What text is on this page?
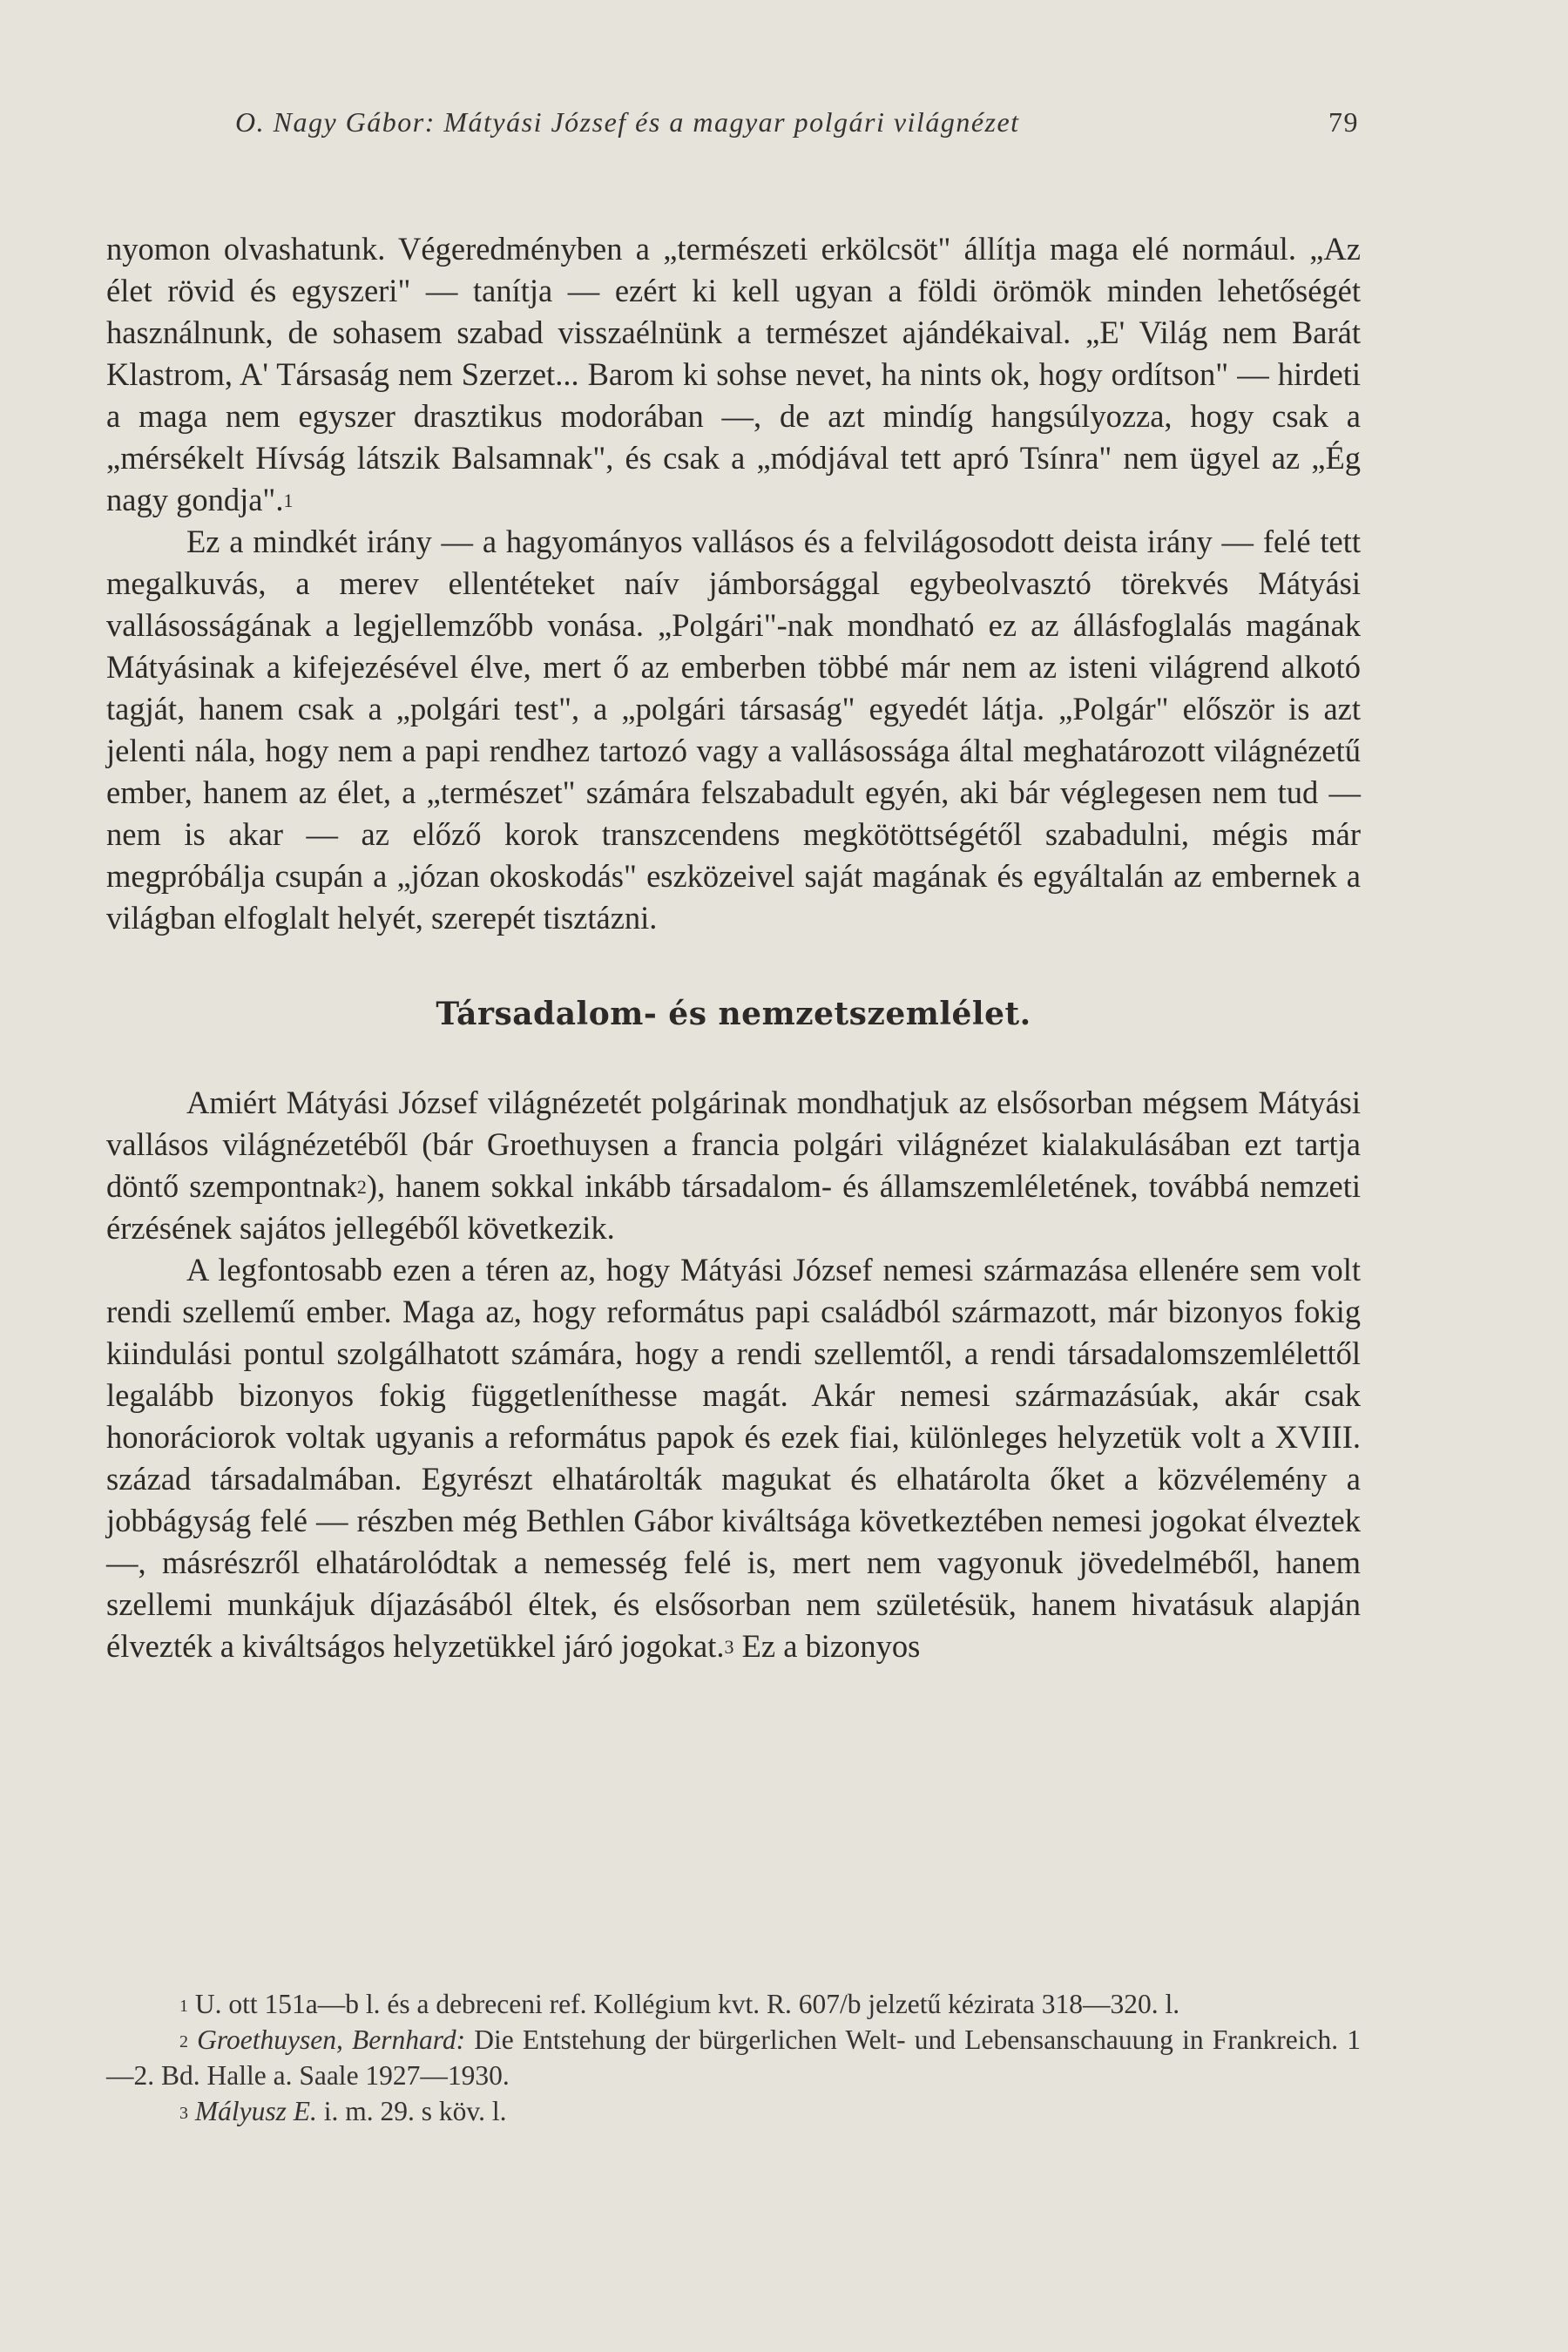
O. Nagy Gábor: Mátyási József és a magyar polgári világnézet	79

nyomon olvashatunk. Végeredményben a „természeti erkölcsöt" állítja maga elé normául. „Az élet rövid és egyszeri" — tanítja — ezért ki kell ugyan a földi örömök minden lehetőségét használnunk, de sohasem szabad visszaélnünk a természet ajándékaival. „E' Világ nem Barát Klastrom, A' Társaság nem Szerzet... Barom ki sohse nevet, ha nints ok, hogy ordítson" — hirdeti a maga nem egyszer drasztikus modorában —, de azt mindíg hangsúlyozza, hogy csak a „mérsékelt Hívság látszik Balsamnak", és csak a „módjával tett apró Tsínra" nem ügyel az „Ég nagy gondja".$^1$

Ez a mindkét irány — a hagyományos vallásos és a felvilágosodott deista irány — felé tett megalkuvás, a merev ellentéteket naív jámborsággal egybeolvasztó törekvés Mátyási vallásosságának a legjellemzőbb vonása. „Polgári"-nak mondható ez az állásfoglalás magának Mátyásinak a kifejezésével élve, mert ő az emberben többé már nem az isteni világrend alkotó tagját, hanem csak a „polgári test", a „polgári társaság" egyedét látja. „Polgár" először is azt jelenti nála, hogy nem a papi rendhez tartozó vagy a vallásossága által meghatározott világnézetű ember, hanem az élet, a „természet" számára felszabadult egyén, aki bár véglegesen nem tud — nem is akar — az előző korok transzcendens megkötöttségétől szabadulni, mégis már megpróbálja csupán a „józan okoskodás" eszközeivel saját magának és egyáltalán az embernek a világban elfoglalt helyét, szerepét tisztázni.

Társadalom- és nemzetszemlélet.

Amiért Mátyási József világnézetét polgárinak mondhatjuk az elsősorban mégsem Mátyási vallásos világnézetéből (bár Groethuysen a francia polgári világnézet kialakulásában ezt tartja döntő szempontnak$^2$), hanem sokkal inkább társadalom- és államszemléletének, továbbá nemzeti érzésének sajátos jellegéből következik.

A legfontosabb ezen a téren az, hogy Mátyási József nemesi származása ellenére sem volt rendi szellemű ember. Maga az, hogy református papi családból származott, már bizonyos fokig kiindulási pontul szolgálhatott számára, hogy a rendi szellemtől, a rendi társadalomszemlélettől legalább bizonyos fokig függetleníthesse magát. Akár nemesi származásúak, akár csak honoráciorok voltak ugyanis a református papok és ezek fiai, különleges helyzetük volt a XVIII. század társadalmában. Egyrészt elhatárolták magukat és elhatárolta őket a közvélemény a jobbágyság felé — részben még Bethlen Gábor kiváltsága következtében nemesi jogokat élveztek —, másrészről elhatárolódtak a nemesség felé is, mert nem vagyonuk jövedelméből, hanem szellemi munkájuk díjazásából éltek, és elsősorban nem születésük, hanem hivatásuk alapján élvezték a kiváltságos helyzetükkel járó jogokat.$^3$ Ez a bizonyos

$^1$ U. ott 151a—b l. és a debreceni ref. Kollégium kvt. R. 607/b jelzetű kézirata 318—320. l.

$^2$ Groethuysen, Bernhard: Die Entstehung der bürgerlichen Welt- und Lebensanschauung in Frankreich. 1—2. Bd. Halle a. Saale 1927—1930.

$^3$ Mályusz E. i. m. 29. s köv. l.
